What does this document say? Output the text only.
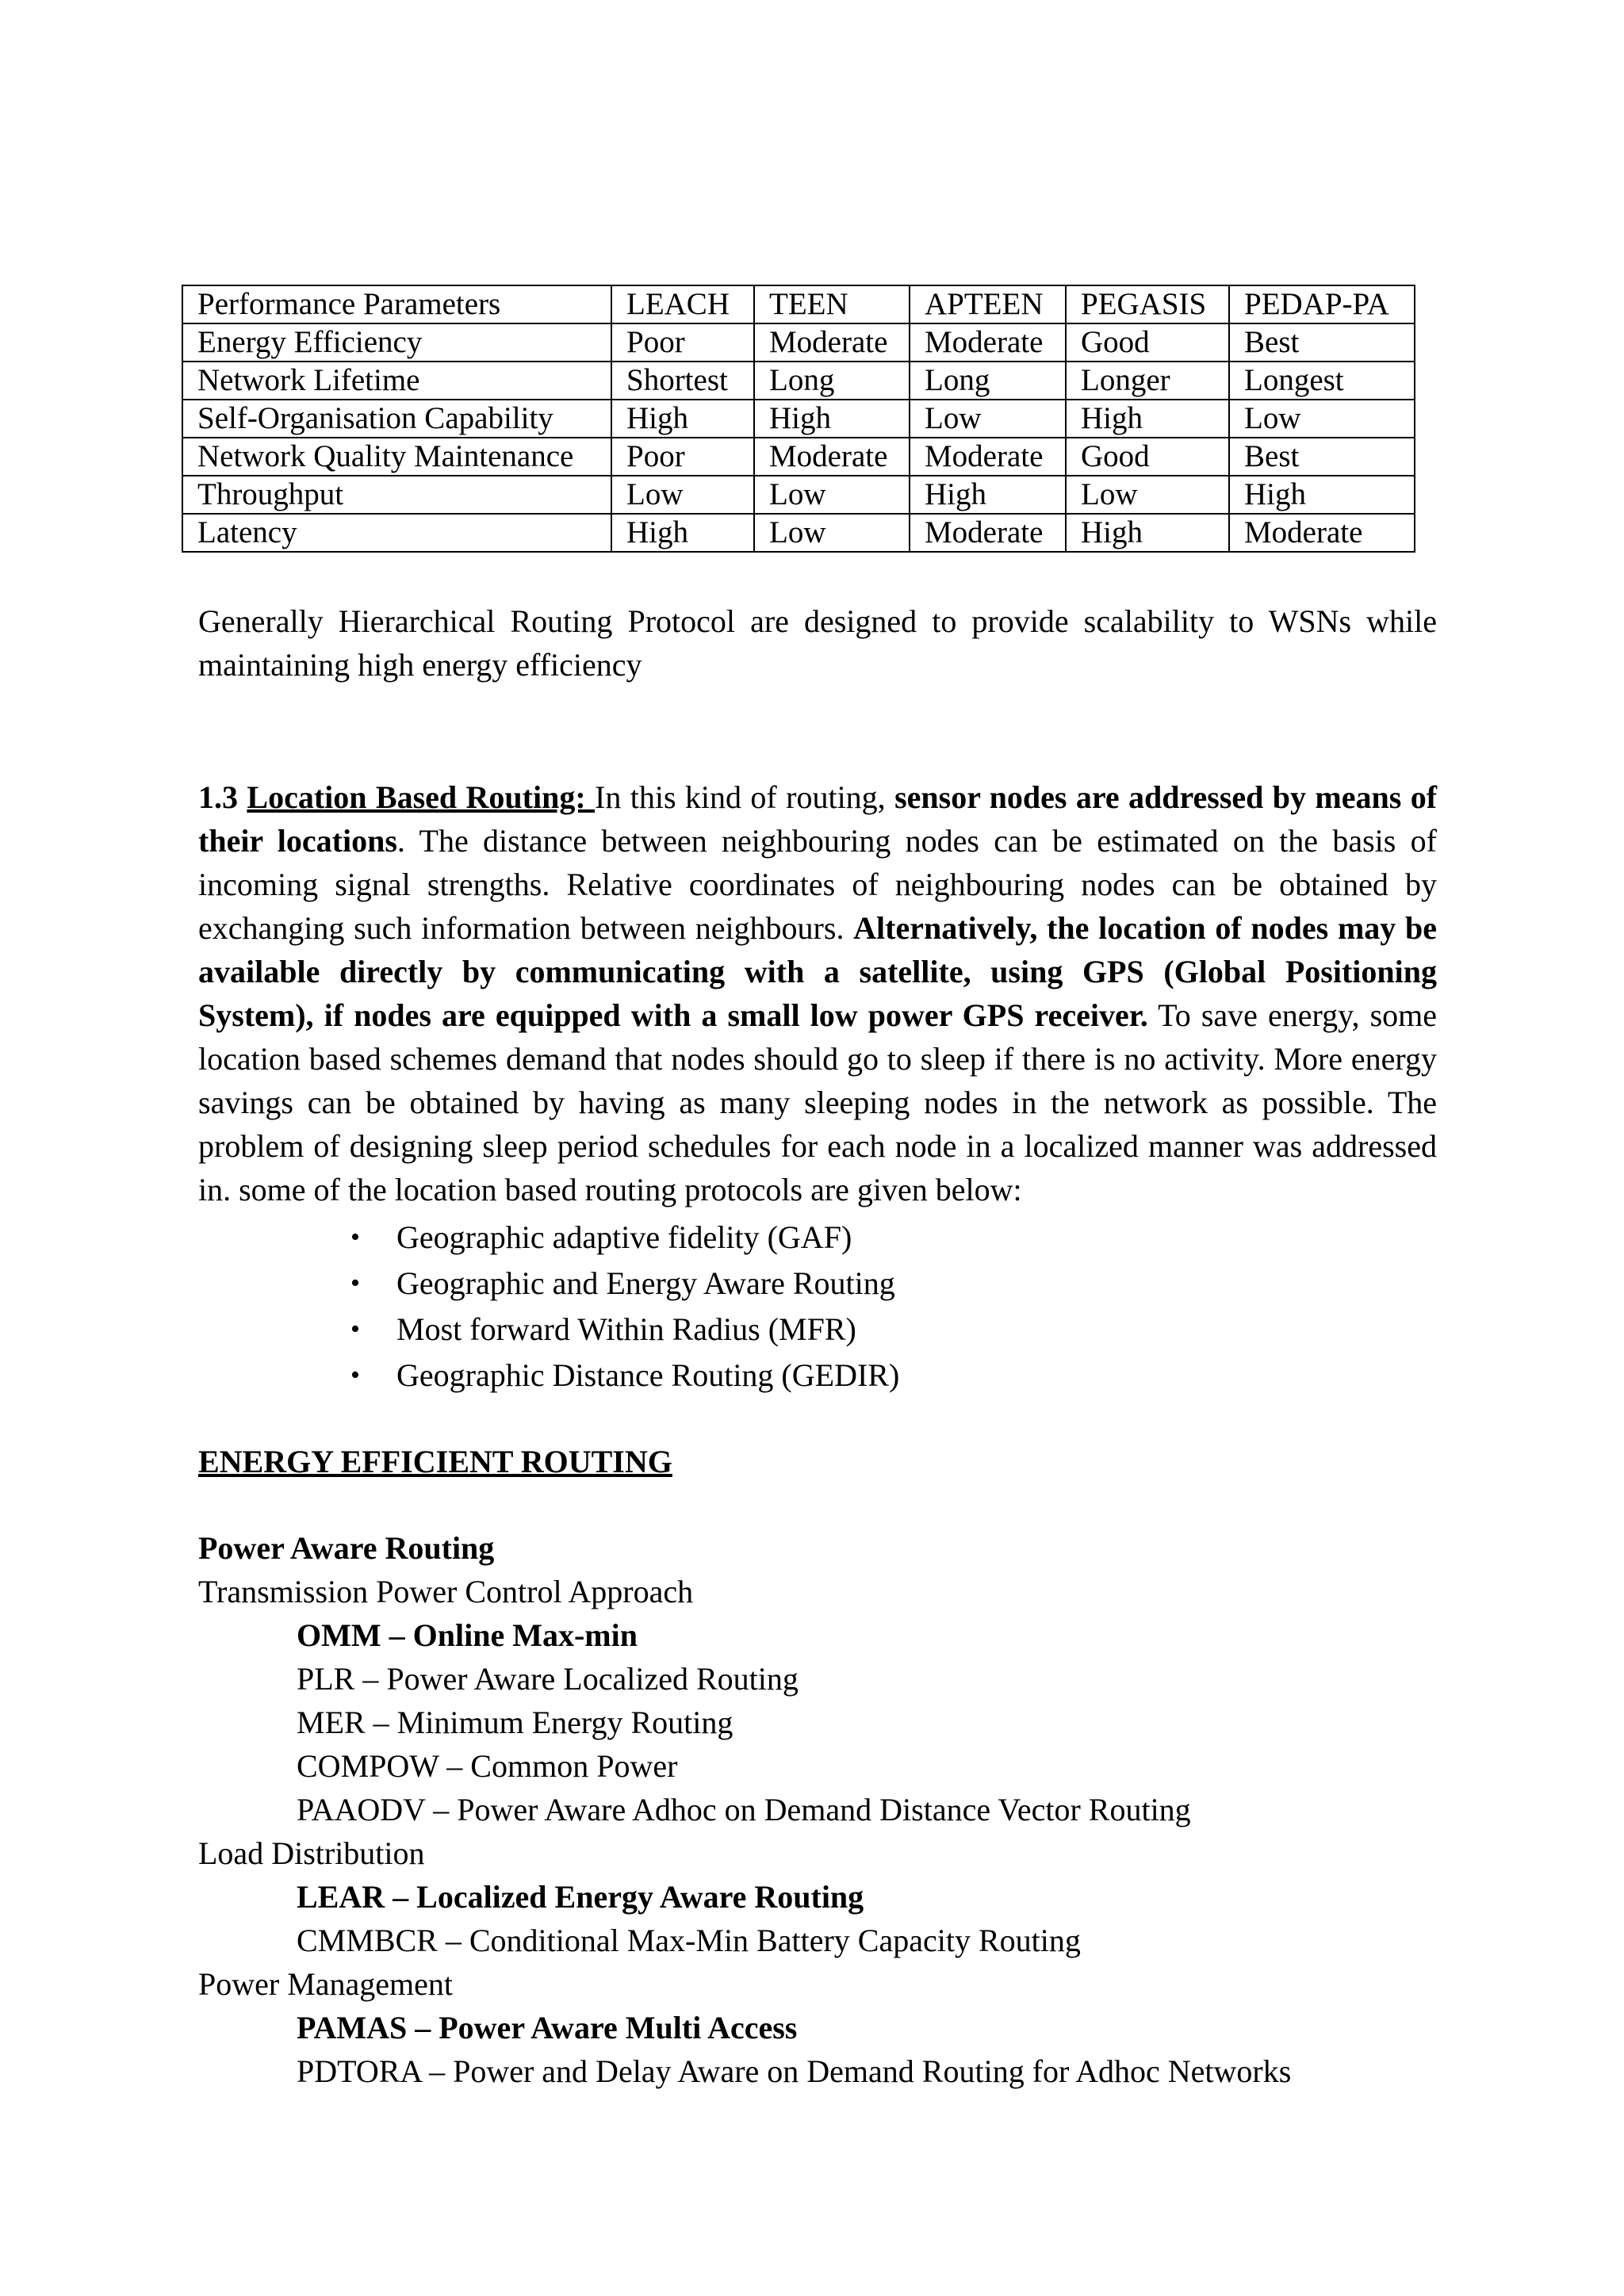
Performance Parameters	LEACH	TEEN	APTEEN	PEGASIS	PEDAP-PA
Energy Efficiency	Poor	Moderate	Moderate	Good	Best
Network Lifetime	Shortest	Long	Long	Longer	Longest
Self-Organisation Capability	High	High	Low	High	Low
Network Quality Maintenance	Poor	Moderate	Moderate	Good	Best
Throughput	Low	Low	High	Low	High
Latency	High	Low	Moderate	High	Moderate

Generally Hierarchical Routing Protocol are designed to provide scalability to WSNs while maintaining high energy efficiency

1.3 Location Based Routing: In this kind of routing, sensor nodes are addressed by means of their locations. The distance between neighbouring nodes can be estimated on the basis of incoming signal strengths. Relative coordinates of neighbouring nodes can be obtained by exchanging such information between neighbours. Alternatively, the location of nodes may be available directly by communicating with a satellite, using GPS (Global Positioning System), if nodes are equipped with a small low power GPS receiver. To save energy, some location based schemes demand that nodes should go to sleep if there is no activity. More energy savings can be obtained by having as many sleeping nodes in the network as possible. The problem of designing sleep period schedules for each node in a localized manner was addressed in. some of the location based routing protocols are given below:

• Geographic adaptive fidelity (GAF)
• Geographic and Energy Aware Routing
• Most forward Within Radius (MFR)
• Geographic Distance Routing (GEDIR)
ENERGY EFFICIENT ROUTING
Power Aware Routing
Transmission Power Control Approach
OMM – Online Max-min
PLR – Power Aware Localized Routing
MER – Minimum Energy Routing
COMPOW – Common Power
PAAODV – Power Aware Adhoc on Demand Distance Vector Routing
Load Distribution
LEAR – Localized Energy Aware Routing
CMMBCR – Conditional Max-Min Battery Capacity Routing
Power Management
PAMAS – Power Aware Multi Access
PDTORA – Power and Delay Aware on Demand Routing for Adhoc Networks
